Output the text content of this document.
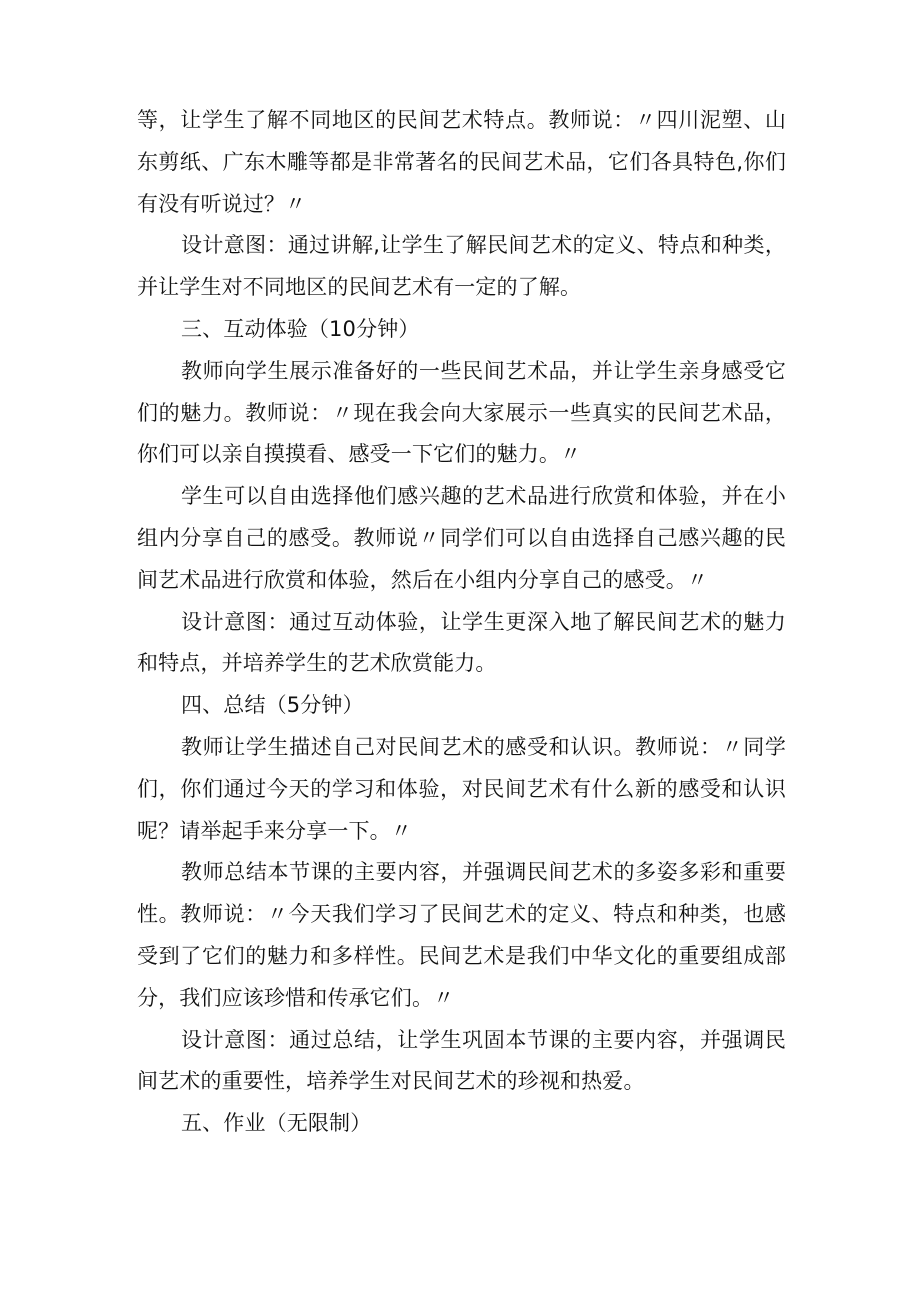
等，让学生了解不同地区的民间艺术特点。教师说：〃四川泥塑、山东剪纸、广东木雕等都是非常著名的民间艺术品，它们各具特色,你们有没有听说过？〃

设计意图：通过讲解,让学生了解民间艺术的定义、特点和种类，并让学生对不同地区的民间艺术有一定的了解。

三、互动体验（10分钟）

教师向学生展示准备好的一些民间艺术品，并让学生亲身感受它们的魅力。教师说：〃现在我会向大家展示一些真实的民间艺术品，你们可以亲自摸摸看、感受一下它们的魅力。〃

学生可以自由选择他们感兴趣的艺术品进行欣赏和体验，并在小组内分享自己的感受。教师说〃同学们可以自由选择自己感兴趣的民间艺术品进行欣赏和体验，然后在小组内分享自己的感受。〃

设计意图：通过互动体验，让学生更深入地了解民间艺术的魅力和特点，并培养学生的艺术欣赏能力。

四、总结（5分钟）

教师让学生描述自己对民间艺术的感受和认识。教师说：〃同学们，你们通过今天的学习和体验，对民间艺术有什么新的感受和认识呢？请举起手来分享一下。〃

教师总结本节课的主要内容，并强调民间艺术的多姿多彩和重要性。教师说：〃今天我们学习了民间艺术的定义、特点和种类，也感受到了它们的魅力和多样性。民间艺术是我们中华文化的重要组成部分，我们应该珍惜和传承它们。〃

设计意图：通过总结，让学生巩固本节课的主要内容，并强调民间艺术的重要性，培养学生对民间艺术的珍视和热爱。

五、作业（无限制）
